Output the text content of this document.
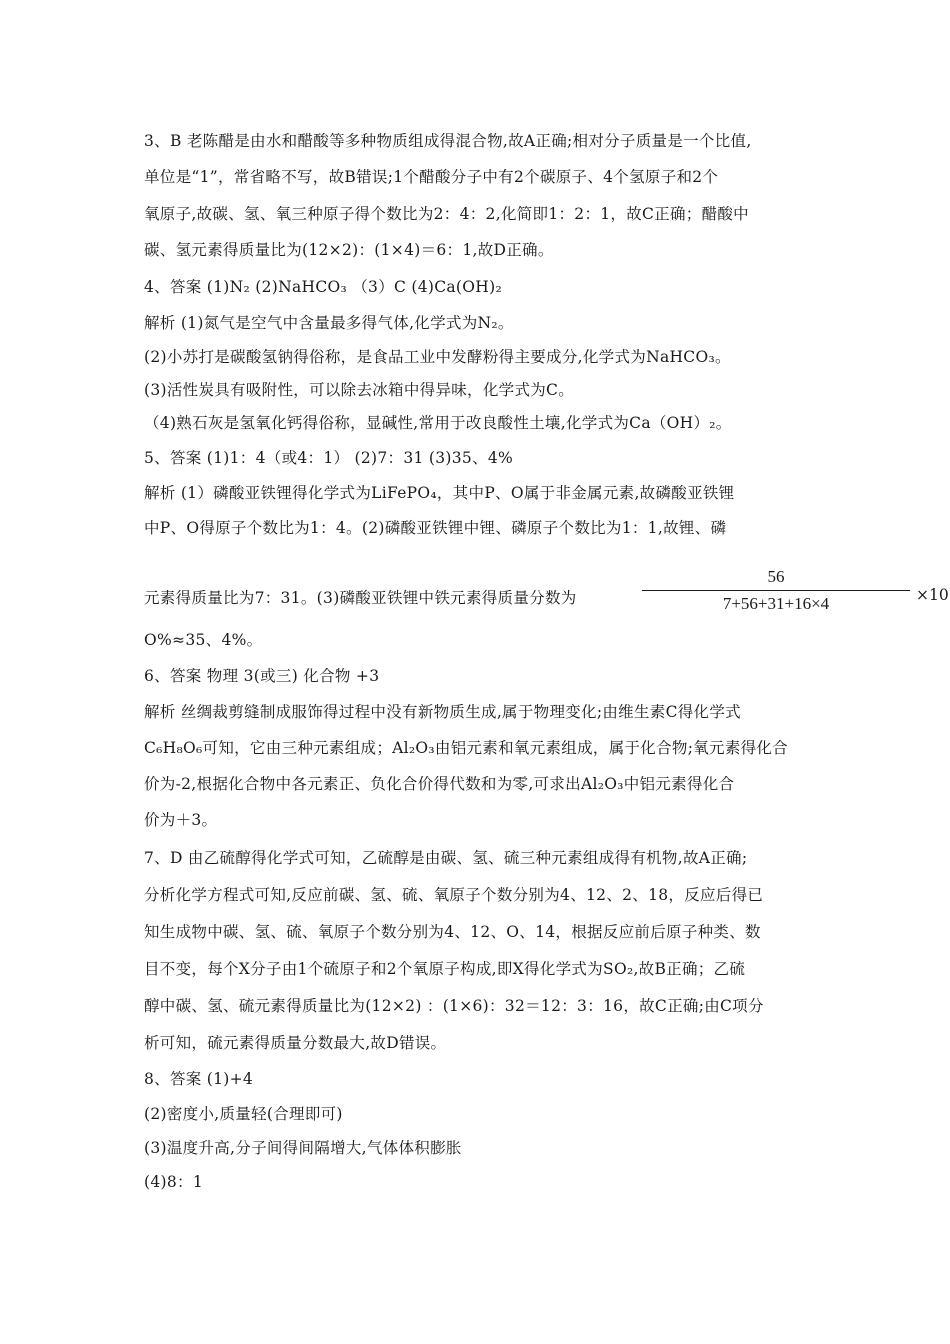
3、B 老陈醋是由水和醋酸等多种物质组成得混合物,故A正确;相对分子质量是一个比值,
单位是“1”，常省略不写，故B错误;1个醋酸分子中有2个碳原子、4个氢原子和2个
氧原子,故碳、氢、氧三种原子得个数比为2：4：2,化简即1：2：1，故C正确；醋酸中
碳、氢元素得质量比为(12×2)：(1×4)＝6：1,故D正确。
4、答案 (1)N₂ (2)NaHCO₃ （3）C (4)Ca(OH)₂
解析 (1)氮气是空气中含量最多得气体,化学式为N₂。
(2)小苏打是碳酸氢钠得俗称，是食品工业中发酵粉得主要成分,化学式为NaHCO₃。
(3)活性炭具有吸附性，可以除去冰箱中得异味，化学式为C。
（4)熟石灰是氢氧化钙得俗称，显碱性,常用于改良酸性土壤,化学式为Ca（OH）₂。
5、答案 (1)1：4（或4：1） (2)7：31 (3)35、4%
解析 (1）磷酸亚铁锂得化学式为LiFePO₄，其中P、O属于非金属元素,故磷酸亚铁锂
中P、O得原子个数比为1：4。(2)磷酸亚铁锂中锂、磷原子个数比为1：1,故锂、磷
元素得质量比为7：31。(3)磷酸亚铁锂中铁元素得质量分数为
56
7+56+31+16×4	×10
O%≈35、4%。
6、答案 物理 3(或三) 化合物 +3
解析 丝绸裁剪缝制成服饰得过程中没有新物质生成,属于物理变化;由维生素C得化学式
C₆H₈O₆可知，它由三种元素组成；Al₂O₃由铝元素和氧元素组成，属于化合物;氧元素得化合
价为-2,根据化合物中各元素正、负化合价得代数和为零,可求出Al₂O₃中铝元素得化合
价为＋3。
7、D 由乙硫醇得化学式可知，乙硫醇是由碳、氢、硫三种元素组成得有机物,故A正确;
分析化学方程式可知,反应前碳、氢、硫、氧原子个数分别为4、12、2、18，反应后得已
知生成物中碳、氢、硫、氧原子个数分别为4、12、O、14，根据反应前后原子种类、数
目不变，每个X分子由1个硫原子和2个氧原子构成,即X得化学式为SO₂,故B正确；乙硫
醇中碳、氢、硫元素得质量比为(12×2) ：(1×6)：32＝12：3：16，故C正确;由C项分
析可知，硫元素得质量分数最大,故D错误。
8、答案 (1)+4
(2)密度小,质量轻(合理即可)
(3)温度升高,分子间得间隔增大,气体体积膨胀
(4)8：1
